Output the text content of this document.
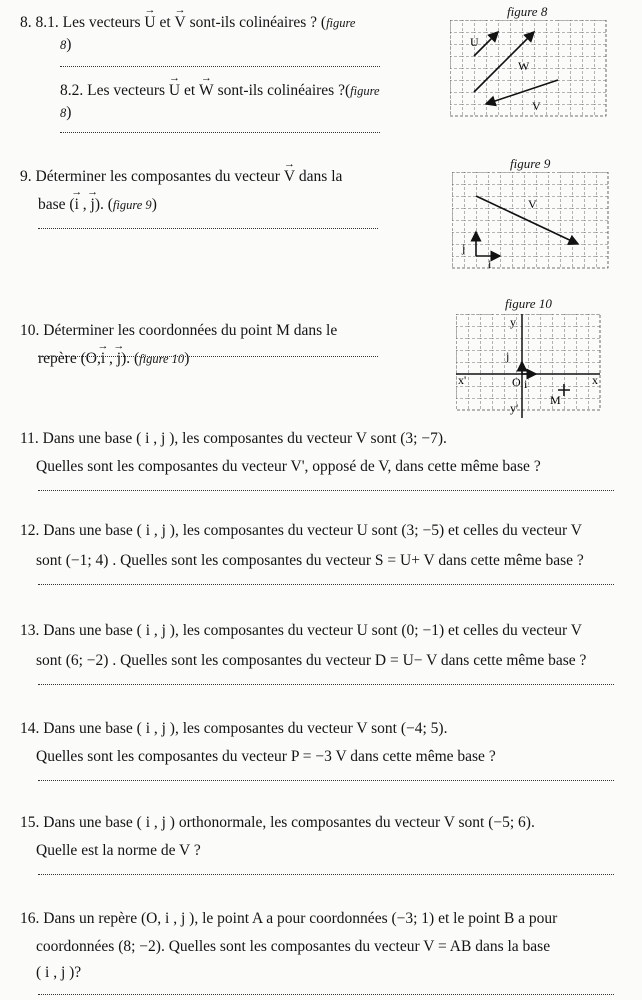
8. 8.1. Les vecteurs → U et → V sont-ils colinéaires ? (figure
8)
8.2. Les vecteurs → U et → W sont-ils colinéaires ?(figure
8)
figure 8
U
W
V
9. Déterminer les composantes du vecteur → V dans la
base (→ i , → j). (figure 9)
figure 9
V
j
i
10. Déterminer les coordonnées du point M dans le
repère (O,→ i , → j). (figure 10)
figure 10
y
y'
x
x'	O
j
i
M
11. Dans une base ( i , j ), les composantes du vecteur V sont (3; −7).
Quelles sont les composantes du vecteur V', opposé de V, dans cette même base ?
12. Dans une base ( i , j ), les composantes du vecteur U sont (3; −5) et celles du vecteur V
sont (−1; 4) . Quelles sont les composantes du vecteur S = U+ V dans cette même base ?
13. Dans une base ( i , j ), les composantes du vecteur U sont (0; −1) et celles du vecteur V
sont (6; −2) . Quelles sont les composantes du vecteur D = U− V dans cette même base ?
14. Dans une base ( i , j ), les composantes du vecteur V sont (−4; 5).
Quelles sont les composantes du vecteur P = −3 V dans cette même base ?
15. Dans une base ( i , j ) orthonormale, les composantes du vecteur V sont (−5; 6).
Quelle est la norme de V ?
16. Dans un repère (O, i , j ), le point A a pour coordonnées (−3; 1) et le point B a pour
coordonnées (8; −2). Quelles sont les composantes du vecteur V = AB dans la base
( i , j )?
